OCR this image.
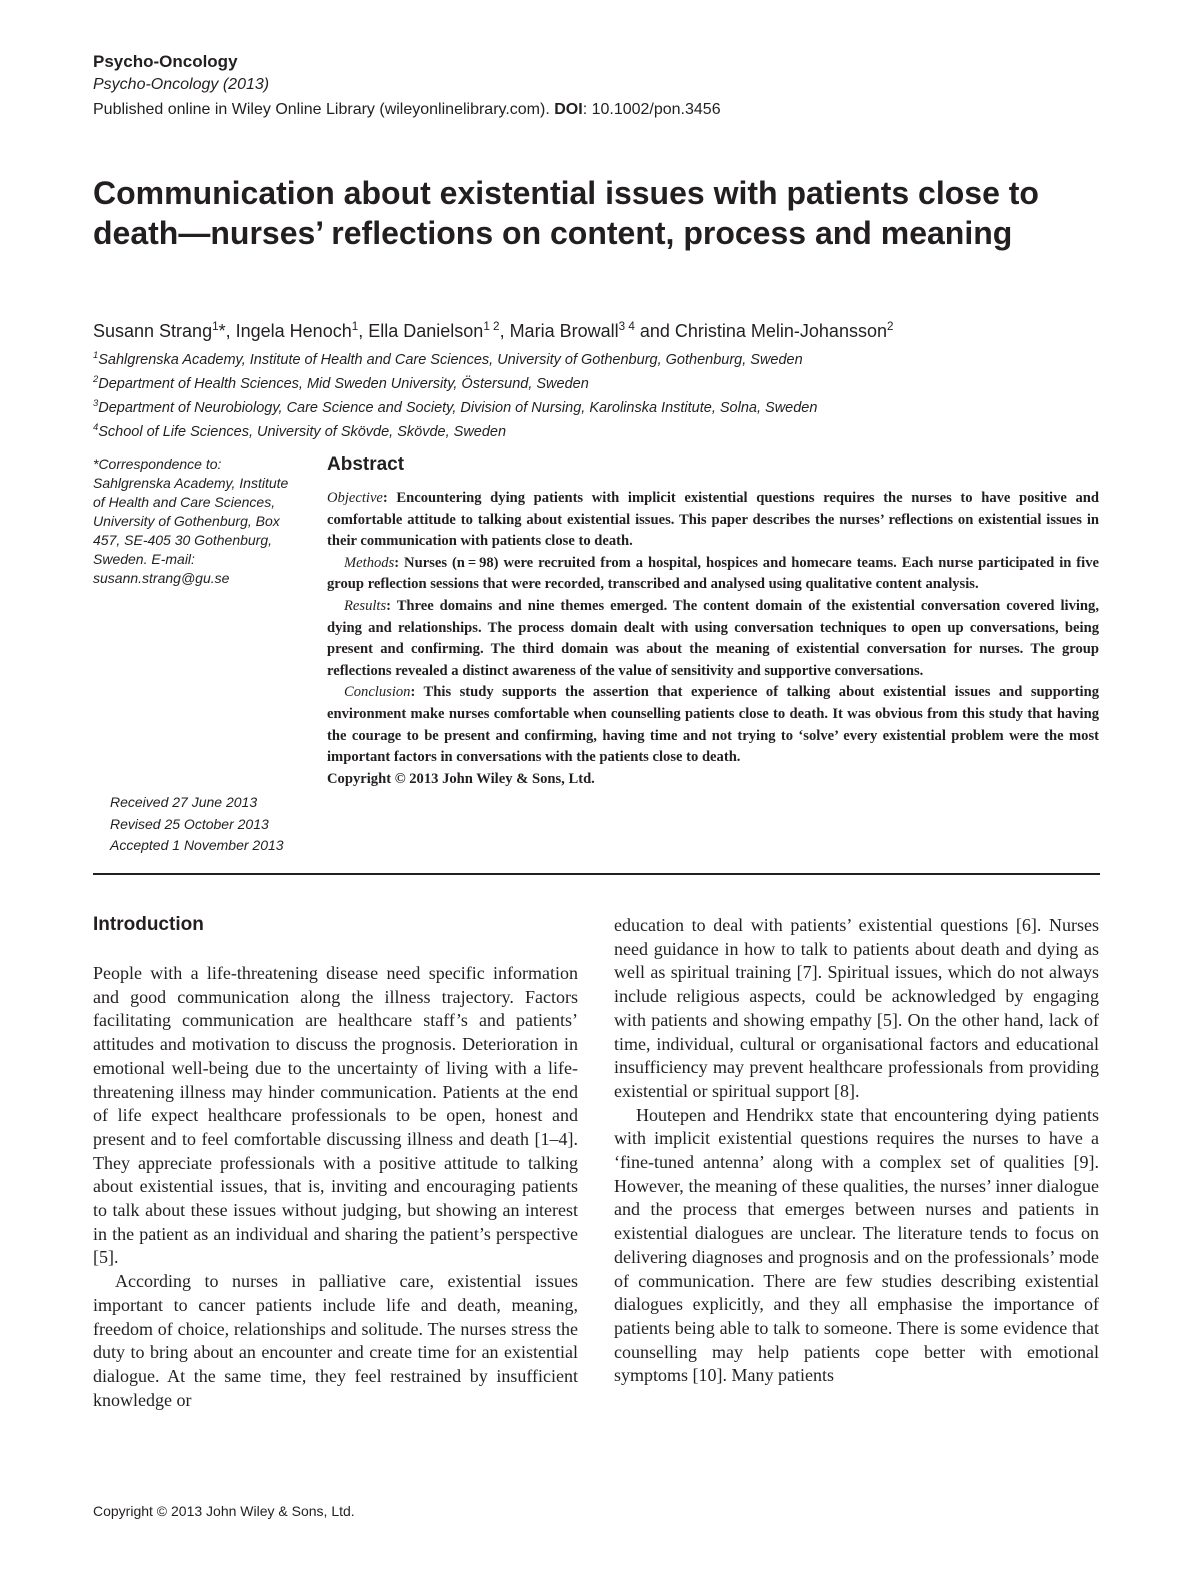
Psycho-Oncology
Psycho-Oncology (2013)
Published online in Wiley Online Library (wileyonlinelibrary.com). DOI: 10.1002/pon.3456
Communication about existential issues with patients close to death—nurses’ reflections on content, process and meaning
Susann Strang$^1$*, Ingela Henoch$^1$, Ella Danielson$^{1 2}$, Maria Browall$^{3 4}$ and Christina Melin-Johansson$^2$
$^1$Sahlgrenska Academy, Institute of Health and Care Sciences, University of Gothenburg, Gothenburg, Sweden
$^2$Department of Health Sciences, Mid Sweden University, Östersund, Sweden
$^3$Department of Neurobiology, Care Science and Society, Division of Nursing, Karolinska Institute, Solna, Sweden
$^4$School of Life Sciences, University of Skövde, Skövde, Sweden
*Correspondence to:
Sahlgrenska Academy, Institute of Health and Care Sciences, University of Gothenburg, Box 457, SE-405 30 Gothenburg, Sweden. E-mail: susann.strang@gu.se
Received 27 June 2013
Revised 25 October 2013
Accepted 1 November 2013
Abstract

Objective: Encountering dying patients with implicit existential questions requires the nurses to have positive and comfortable attitude to talking about existential issues. This paper describes the nurses’ reflections on existential issues in their communication with patients close to death.

Methods: Nurses (n = 98) were recruited from a hospital, hospices and homecare teams. Each nurse participated in five group reflection sessions that were recorded, transcribed and analysed using qualitative content analysis.

Results: Three domains and nine themes emerged. The content domain of the existential conversation covered living, dying and relationships. The process domain dealt with using conversation techniques to open up conversations, being present and confirming. The third domain was about the meaning of existential conversation for nurses. The group reflections revealed a distinct awareness of the value of sensitivity and supportive conversations.

Conclusion: This study supports the assertion that experience of talking about existential issues and supporting environment make nurses comfortable when counselling patients close to death. It was obvious from this study that having the courage to be present and confirming, having time and not trying to ‘solve’ every existential problem were the most important factors in conversations with the patients close to death.

Copyright © 2013 John Wiley & Sons, Ltd.

Introduction

People with a life-threatening disease need specific information and good communication along the illness trajectory. Factors facilitating communication are healthcare staff’s and patients’ attitudes and motivation to discuss the prognosis. Deterioration in emotional well-being due to the uncertainty of living with a life-threatening illness may hinder communication. Patients at the end of life expect healthcare professionals to be open, honest and present and to feel comfortable discussing illness and death [1–4]. They appreciate professionals with a positive attitude to talking about existential issues, that is, inviting and encouraging patients to talk about these issues without judging, but showing an interest in the patient as an individual and sharing the patient’s perspective [5].

According to nurses in palliative care, existential issues important to cancer patients include life and death, meaning, freedom of choice, relationships and solitude. The nurses stress the duty to bring about an encounter and create time for an existential dialogue. At the same time, they feel restrained by insufficient knowledge or

education to deal with patients’ existential questions [6]. Nurses need guidance in how to talk to patients about death and dying as well as spiritual training [7]. Spiritual issues, which do not always include religious aspects, could be acknowledged by engaging with patients and showing empathy [5]. On the other hand, lack of time, individual, cultural or organisational factors and educational insufficiency may prevent healthcare professionals from providing existential or spiritual support [8].

Houtepen and Hendrikx state that encountering dying patients with implicit existential questions requires the nurses to have a ‘fine-tuned antenna’ along with a complex set of qualities [9]. However, the meaning of these qualities, the nurses’ inner dialogue and the process that emerges between nurses and patients in existential dialogues are unclear. The literature tends to focus on delivering diagnoses and prognosis and on the professionals’ mode of communication. There are few studies describing existential dialogues explicitly, and they all emphasise the importance of patients being able to talk to someone. There is some evidence that counselling may help patients cope better with emotional symptoms [10]. Many patients

Copyright © 2013 John Wiley & Sons, Ltd.
